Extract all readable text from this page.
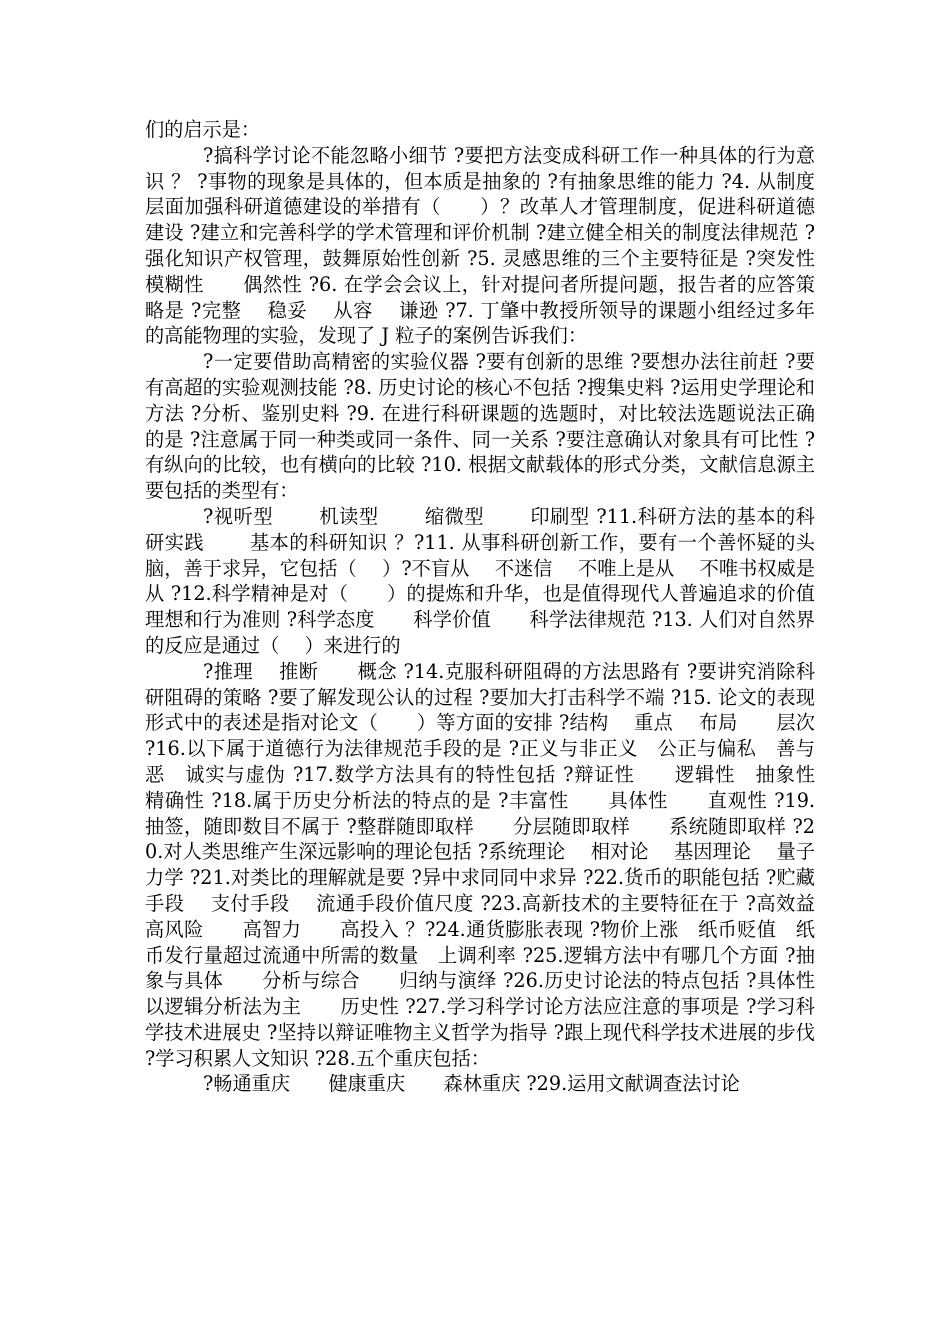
们的启示是：

?搞科学讨论不能忽略小细节 ?要把方法变成科研工作一种具体的行为意识 ？ ?事物的现象是具体的，但本质是抽象的 ?有抽象思维的能力 ?4. 从制度层面加强科研道德建设的举措有（　　）？改革人才管理制度，促进科研道德建设 ?建立和完善科学的学术管理和评价机制 ?建立健全相关的制度法律规范 ?强化知识产权管理，鼓舞原始性创新 ?5. 灵感思维的三个主要特征是 ?突发性　　模糊性　　偶然性 ?6. 在学会会议上，针对提问者所提问题，报告者的应答策略是 ?完整　 稳妥　 从容　 谦逊 ?7. 丁肇中教授所领导的课题小组经过多年的高能物理的实验，发现了 J 粒子的案例告诉我们：

?一定要借助高精密的实验仪器 ?要有创新的思维 ?要想办法往前赶 ?要有高超的实验观测技能 ?8. 历史讨论的核心不包括 ?搜集史料 ?运用史学理论和方法 ?分析、鉴别史料 ?9. 在进行科研课题的选题时，对比较法选题说法正确的是 ?注意属于同一种类或同一条件、同一关系 ?要注意确认对象具有可比性 ?有纵向的比较，也有横向的比较 ?10. 根据文献载体的形式分类，文献信息源主要包括的类型有：

?视听型　　 机读型　　 缩微型　　 印刷型 ?11.科研方法的基本的科研实践　　 基本的科研知识 ？?11. 从事科研创新工作，要有一个善怀疑的头脑，善于求异，它包括（　 ）?不盲从　 不迷信　 不唯上是从　 不唯书权威是从 ?12.科学精神是对（　　）的提炼和升华，也是值得现代人普遍追求的价值理想和行为准则 ?科学态度　　科学价值　　科学法律规范 ?13. 人们对自然界的反应是通过（　 ）来进行的

?推理　 推断　　概念 ?14.克服科研阻碍的方法思路有 ?要讲究消除科研阻碍的策略 ?要了解发现公认的过程 ?要加大打击科学不端 ?15. 论文的表现形式中的表述是指对论文（　　）等方面的安排 ?结构　 重点　 布局　　层次 ?16.以下属于道德行为法律规范手段的是 ?正义与非正义　公正与偏私　善与恶　诚实与虚伪 ?17.数学方法具有的特性包括 ?辩证性　　逻辑性　抽象性　　精确性 ?18.属于历史分析法的特点的是 ?丰富性　　具体性　　直观性 ?19. 抽签，随即数目不属于 ?整群随即取样　　分层随即取样　　系统随即取样 ?20.对人类思维产生深远影响的理论包括 ?系统理论　 相对论　 基因理论　 量子力学 ?21.对类比的理解就是要 ?异中求同同中求异 ?22.货币的职能包括 ?贮藏手段　 支付手段　 流通手段价值尺度 ?23.高新技术的主要特征在于 ?高效益　　高风险　　高智力　　高投入 ？?24.通货膨胀表现 ?物价上涨　纸币贬值　纸币发行量超过流通中所需的数量　上调利率 ?25.逻辑方法中有哪几个方面 ?抽象与具体　　分析与综合　　归纳与演绎 ?26.历史讨论法的特点包括 ?具体性　 以逻辑分析法为主　　历史性 ?27.学习科学讨论方法应注意的事项是 ?学习科学技术进展史 ?坚持以辩证唯物主义哲学为指导 ?跟上现代科学技术进展的步伐 ?学习积累人文知识 ?28.五个重庆包括：

?畅通重庆　　健康重庆　　森林重庆 ?29.运用文献调查法讨论
